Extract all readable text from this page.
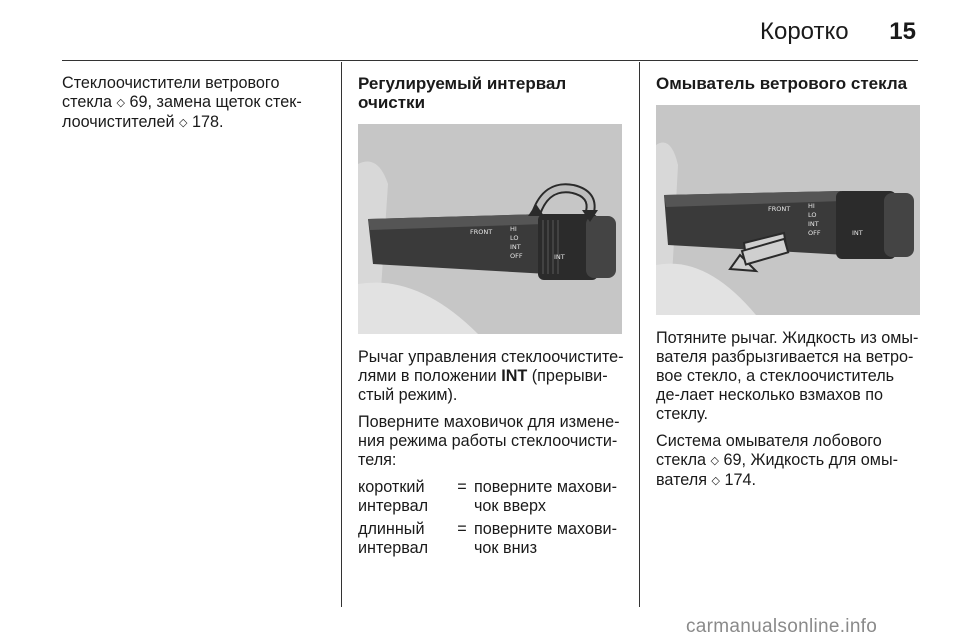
Коротко 15

Стеклоочистители ветрового
стекла ◇ 69, замена щеток стек-
лоочистителей ◇ 178.

Регулируемый интервал очистки
FRONT	HI
LO
INT
OFF	INT

Рычаг управления стеклоочистите-лями в положении INT (прерыви-стый режим).

Поверните маховичок для измене-ния режима работы стеклоочисти-теля:

короткий интервал	=	поверните махови-чок вверх
длинный интервал	=	поверните махови-чок вниз
Омыватель ветрового стекла
FRONT	HI
LO
INT
OFF	INT

Потяните рычаг. Жидкость из омы-вателя разбрызгивается на ветро-вое стекло, а стеклоочиститель де-лает несколько взмахов по стеклу.

Система омывателя лобового стекла ◇ 69, Жидкость для омы-вателя ◇ 174.

carmanualsonline.info
